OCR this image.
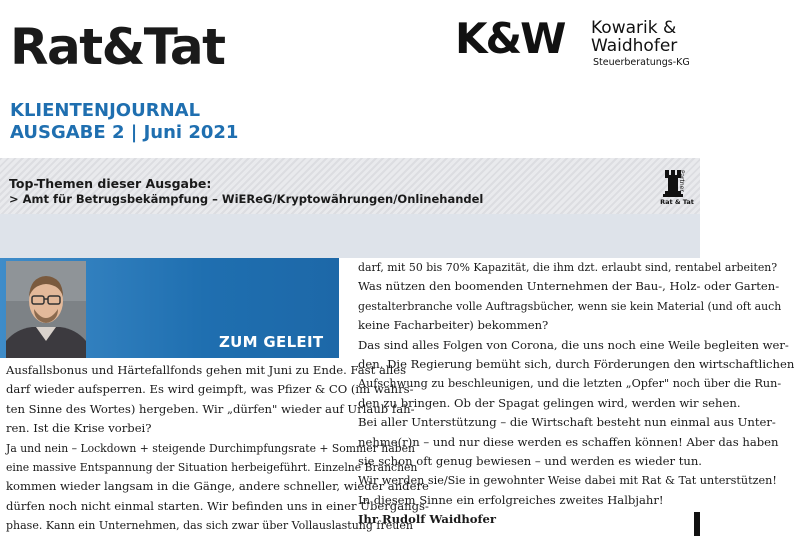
Rat&Tat	K&W Kowarik &
Waidhofer
Steuerberatungs-KG
KLIENTENJOURNAL
AUSGABE 2 | Juni 2021
Top-Themen dieser Ausgabe:
> Amt für Betrugsbekämpfung – WiEReG/Kryptowährungen/Onlinehandel
Partner
Rat & Tat
ZUM GELEIT

Ausfallsbonus und Härtefallfonds gehen mit Juni zu Ende. Fast alles

darf wieder aufsperren. Es wird geimpft, was Pfizer & CO (im wahrs-

ten Sinne des Wortes) hergeben. Wir „dürfen" wieder auf Urlaub fah-

ren. Ist die Krise vorbei?

Ja und nein – Lockdown + steigende Durchimpfungsrate + Sommer haben

eine massive Entspannung der Situation herbeigeführt. Einzelne Branchen

kommen wieder langsam in die Gänge, andere schneller, wieder andere

dürfen noch nicht einmal starten. Wir befinden uns in einer Übergangs-

phase. Kann ein Unternehmen, das sich zwar über Vollauslastung freuen

darf, mit 50 bis 70% Kapazität, die ihm dzt. erlaubt sind, rentabel arbeiten?

Was nützen den boomenden Unternehmen der Bau-, Holz- oder Garten-

gestalterbranche volle Auftragsbücher, wenn sie kein Material (und oft auch

keine Facharbeiter) bekommen?

Das sind alles Folgen von Corona, die uns noch eine Weile begleiten wer-

den. Die Regierung bemüht sich, durch Förderungen den wirtschaftlichen

Aufschwung zu beschleunigen, und die letzten „Opfer" noch über die Run-

den zu bringen. Ob der Spagat gelingen wird, werden wir sehen.

Bei aller Unterstützung – die Wirtschaft besteht nun einmal aus Unter-

nehme(r)n – und nur diese werden es schaffen können! Aber das haben

sie schon oft genug bewiesen – und werden es wieder tun.

Wir werden sie/Sie in gewohnter Weise dabei mit Rat & Tat unterstützen!

In diesem Sinne ein erfolgreiches zweites Halbjahr!

Ihr Rudolf Waidhofer
